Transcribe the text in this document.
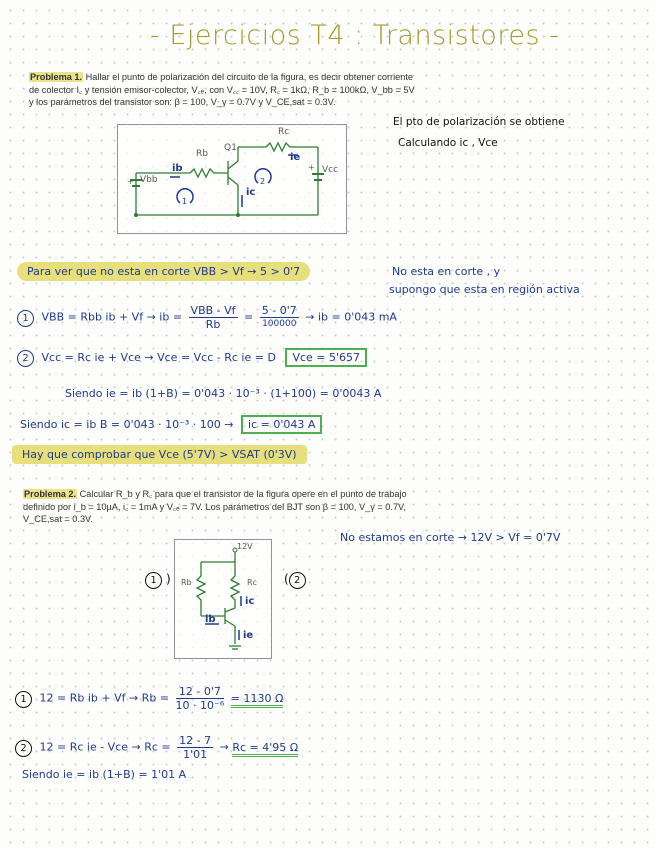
- Ejercicios T4 : Transistores -
Problema 1. Hallar el punto de polarización del circuito de la figura, es decir obtener corriente
de colector I꜀ y tensión emisor-colector, V꜀ₑ, con V꜀꜀ = 10V, R꜀ = 1kΩ, R_b = 100kΩ, V_bb = 5V
y los parámetros del transistor son: β = 100, V_γ = 0.7V y V_CE,sat = 0.3V.
Rc
Rb
Q1
Vbb
Vcc
+
+
ib
ic
ie
1
2
El pto de polarización se obtiene
Calculando ic , Vce
Para ver que no esta en corte VBB > Vf → 5 > 0'7	No esta en corte , y
supongo que esta en región activa
1 VBB = Rbb ib + Vf → ib = $\frac{\text{VBB - Vf}}{Rb} = \frac{5 - 0'7}{100000}$ → ib = 0'043 mA
2 Vcc = Rc ie + Vce → Vce = Vcc - Rc ie = D Vce = 5'657
Siendo ie = ib (1+B) = 0'043 · 10⁻³ · (1+100) = 0'0043 A
Siendo ic = ib B = 0'043 · 10⁻³ · 100 → ic = 0'043 A
Hay que comprobar que Vce (5'7V) > VSAT (0'3V)
Problema 2. Calcular R_b y R꜀ para que el transistor de la figura opere en el punto de trabajo
definido por i_b = 10µA, i꜀ = 1mA y V꜀ₑ = 7V. Los parámetros del BJT son β = 100, V_γ = 0.7V,
V_CE,sat = 0.3V.
No estamos en corte → 12V > Vf = 0'7V
12V
Rb	Rc
ic
ib
ie
1 )	( 2
1 12 = Rb ib + $Vf \to Rb = \frac{12 - 0'7}{\text{10 · 10⁻⁶}} = 1130$ Ω
2 12 = Rc ie - Vce → $Rc = \frac{12 - 7}{1'01} \to Rc = 4'95$ Ω
Siendo ie = ib (1+B) = 1'01 A
